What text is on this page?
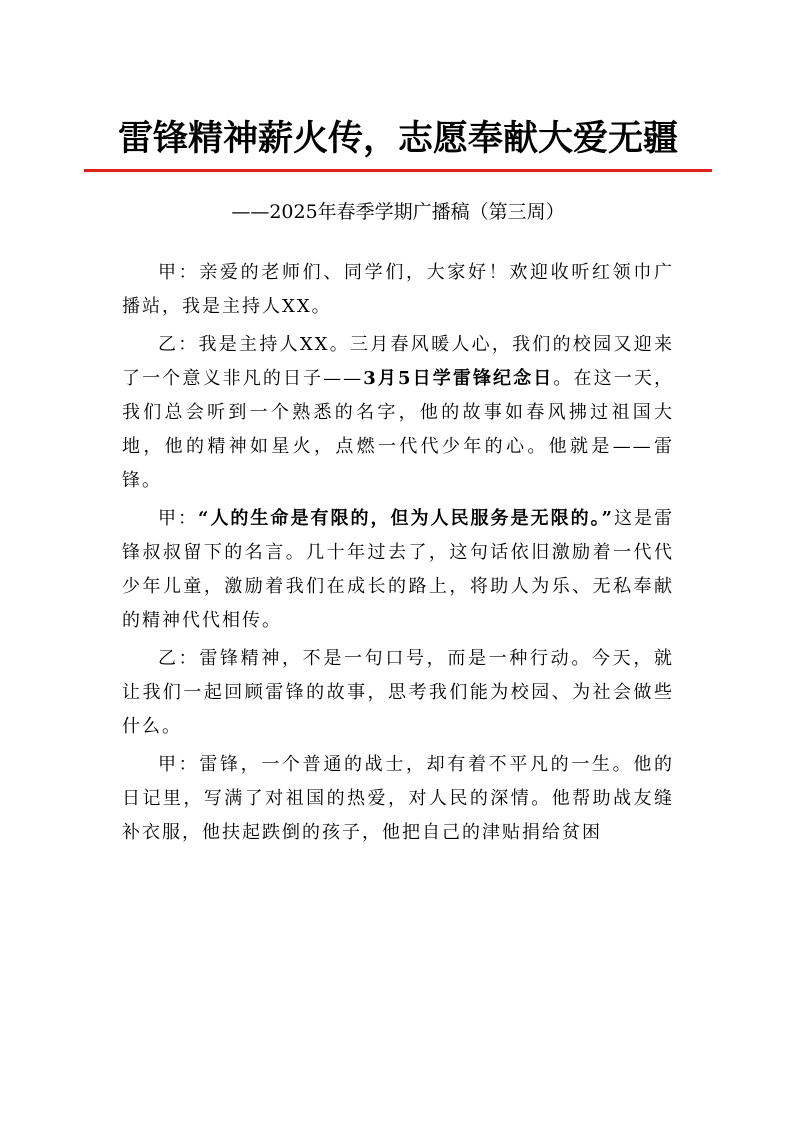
雷锋精神薪火传，志愿奉献大爱无疆

——2025年春季学期广播稿（第三周）

甲：亲爱的老师们、同学们，大家好！欢迎收听红领巾广播站，我是主持人XX。

乙：我是主持人XX。三月春风暖人心，我们的校园又迎来了一个意义非凡的日子——3月5日学雷锋纪念日。在这一天，我们总会听到一个熟悉的名字，他的故事如春风拂过祖国大地，他的精神如星火，点燃一代代少年的心。他就是——雷锋。

甲：“人的生命是有限的，但为人民服务是无限的。”这是雷锋叔叔留下的名言。几十年过去了，这句话依旧激励着一代代少年儿童，激励着我们在成长的路上，将助人为乐、无私奉献的精神代代相传。

乙：雷锋精神，不是一句口号，而是一种行动。今天，就让我们一起回顾雷锋的故事，思考我们能为校园、为社会做些什么。

甲：雷锋，一个普通的战士，却有着不平凡的一生。他的日记里，写满了对祖国的热爱，对人民的深情。他帮助战友缝补衣服，他扶起跌倒的孩子，他把自己的津贴捐给贫困
